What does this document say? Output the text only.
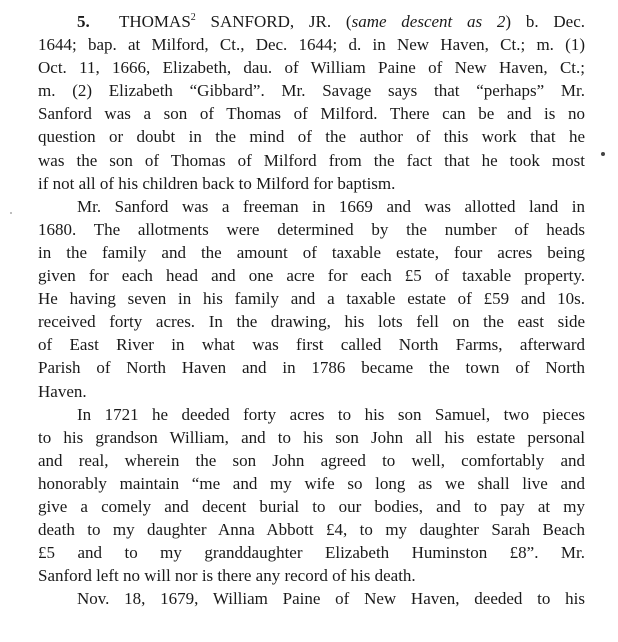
5. THOMAS$^2$ SANFORD, JR. (same descent as 2) b. Dec.
1644; bap. at Milford, Ct., Dec. 1644; d. in New Haven, Ct.; m. (1)
Oct. 11, 1666, Elizabeth, dau. of William Paine of New Haven, Ct.;
m. (2) Elizabeth “Gibbard”. Mr. Savage says that “perhaps” Mr.
Sanford was a son of Thomas of Milford. There can be and is no
question or doubt in the mind of the author of this work that he
was the son of Thomas of Milford from the fact that he took most
if not all of his children back to Milford for baptism.
Mr. Sanford was a freeman in 1669 and was allotted land in
1680. The allotments were determined by the number of heads
in the family and the amount of taxable estate, four acres being
given for each head and one acre for each £5 of taxable property.
He having seven in his family and a taxable estate of £59 and 10s.
received forty acres. In the drawing, his lots fell on the east side
of East River in what was first called North Farms, afterward
Parish of North Haven and in 1786 became the town of North
Haven.
In 1721 he deeded forty acres to his son Samuel, two pieces
to his grandson William, and to his son John all his estate personal
and real, wherein the son John agreed to well, comfortably and
honorably maintain “me and my wife so long as we shall live and
give a comely and decent burial to our bodies, and to pay at my
death to my daughter Anna Abbott £4, to my daughter Sarah Beach
£5 and to my granddaughter Elizabeth Huminston £8”. Mr.
Sanford left no will nor is there any record of his death.
Nov. 18, 1679, William Paine of New Haven, deeded to his
